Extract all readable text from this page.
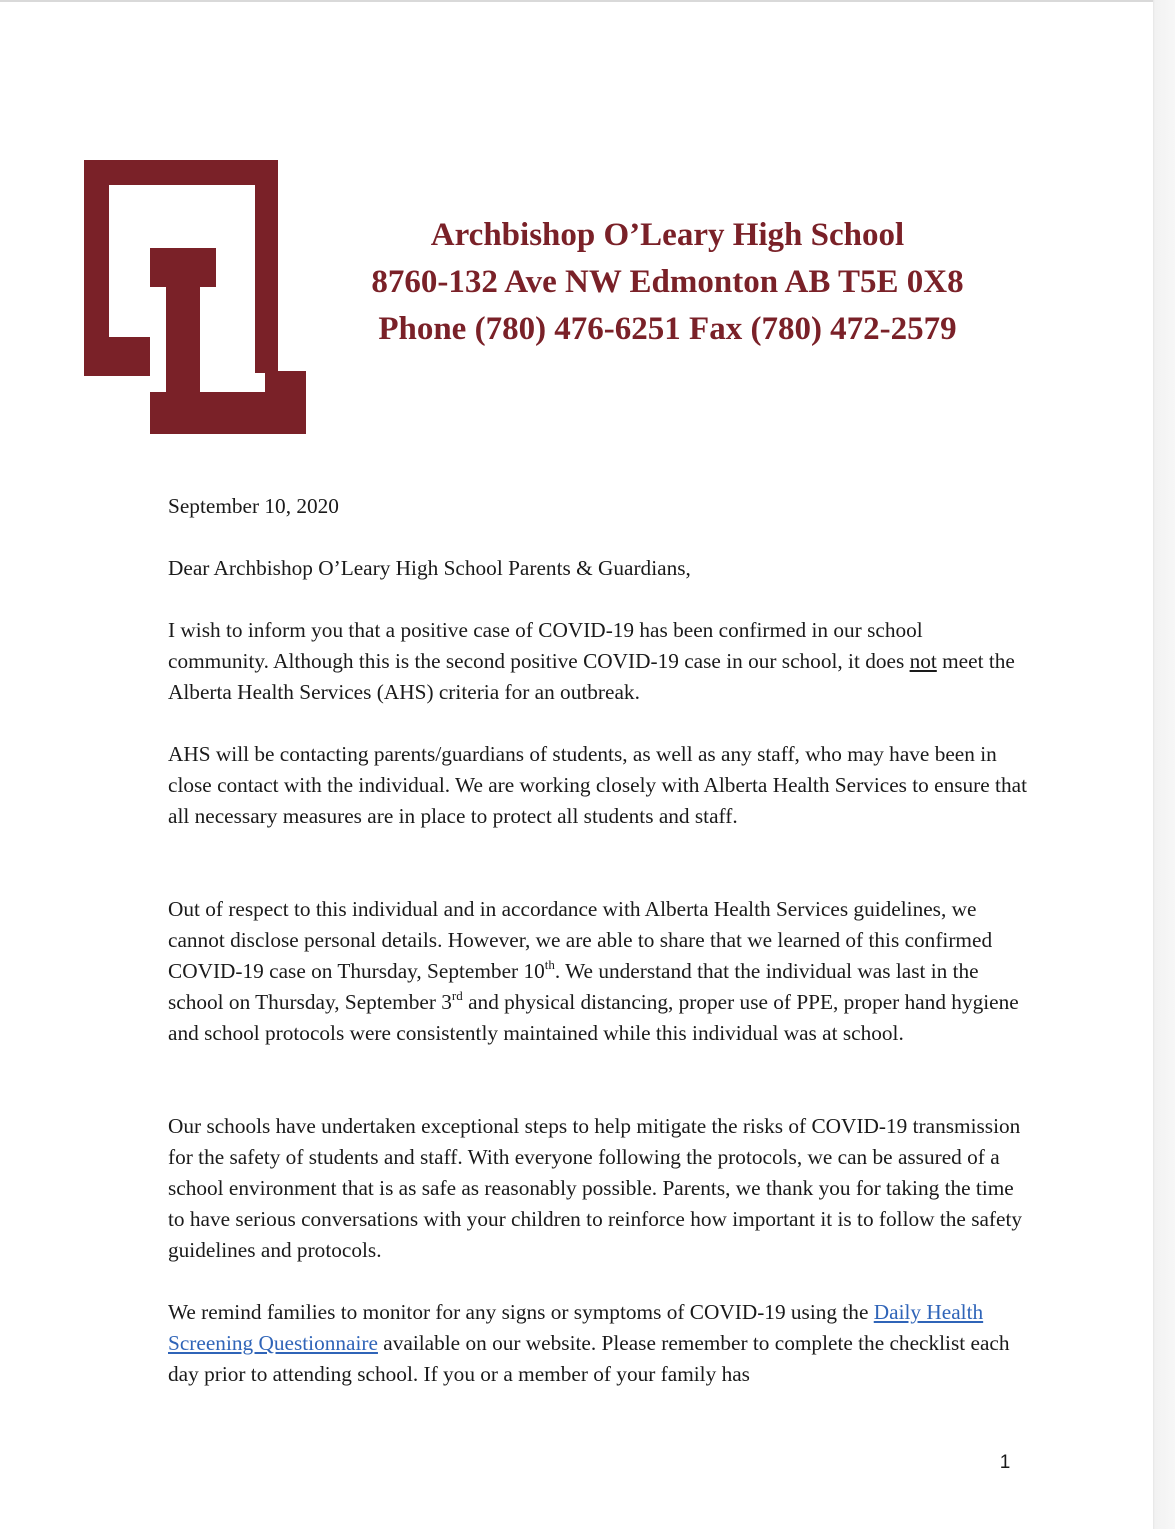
Archbishop O’Leary High School
8760-132 Ave NW Edmonton AB T5E 0X8
Phone (780) 476-6251 Fax (780) 472-2579
September 10, 2020
Dear Archbishop O’Leary High School Parents & Guardians,
I wish to inform you that a positive case of COVID-19 has been confirmed in our school community. Although this is the second positive COVID-19 case in our school, it does not meet the Alberta Health Services (AHS) criteria for an outbreak.
AHS will be contacting parents/guardians of students, as well as any staff, who may have been in close contact with the individual. We are working closely with Alberta Health Services to ensure that all necessary measures are in place to protect all students and staff.
Out of respect to this individual and in accordance with Alberta Health Services guidelines, we cannot disclose personal details. However, we are able to share that we learned of this confirmed COVID-19 case on Thursday, September 10th. We understand that the individual was last in the school on Thursday, September 3rd and physical distancing, proper use of PPE, proper hand hygiene and school protocols were consistently maintained while this individual was at school.
Our schools have undertaken exceptional steps to help mitigate the risks of COVID-19 transmission for the safety of students and staff. With everyone following the protocols, we can be assured of a school environment that is as safe as reasonably possible. Parents, we thank you for taking the time to have serious conversations with your children to reinforce how important it is to follow the safety guidelines and protocols.
We remind families to monitor for any signs or symptoms of COVID-19 using the Daily Health Screening Questionnaire available on our website. Please remember to complete the checklist each day prior to attending school. If you or a member of your family has
1
